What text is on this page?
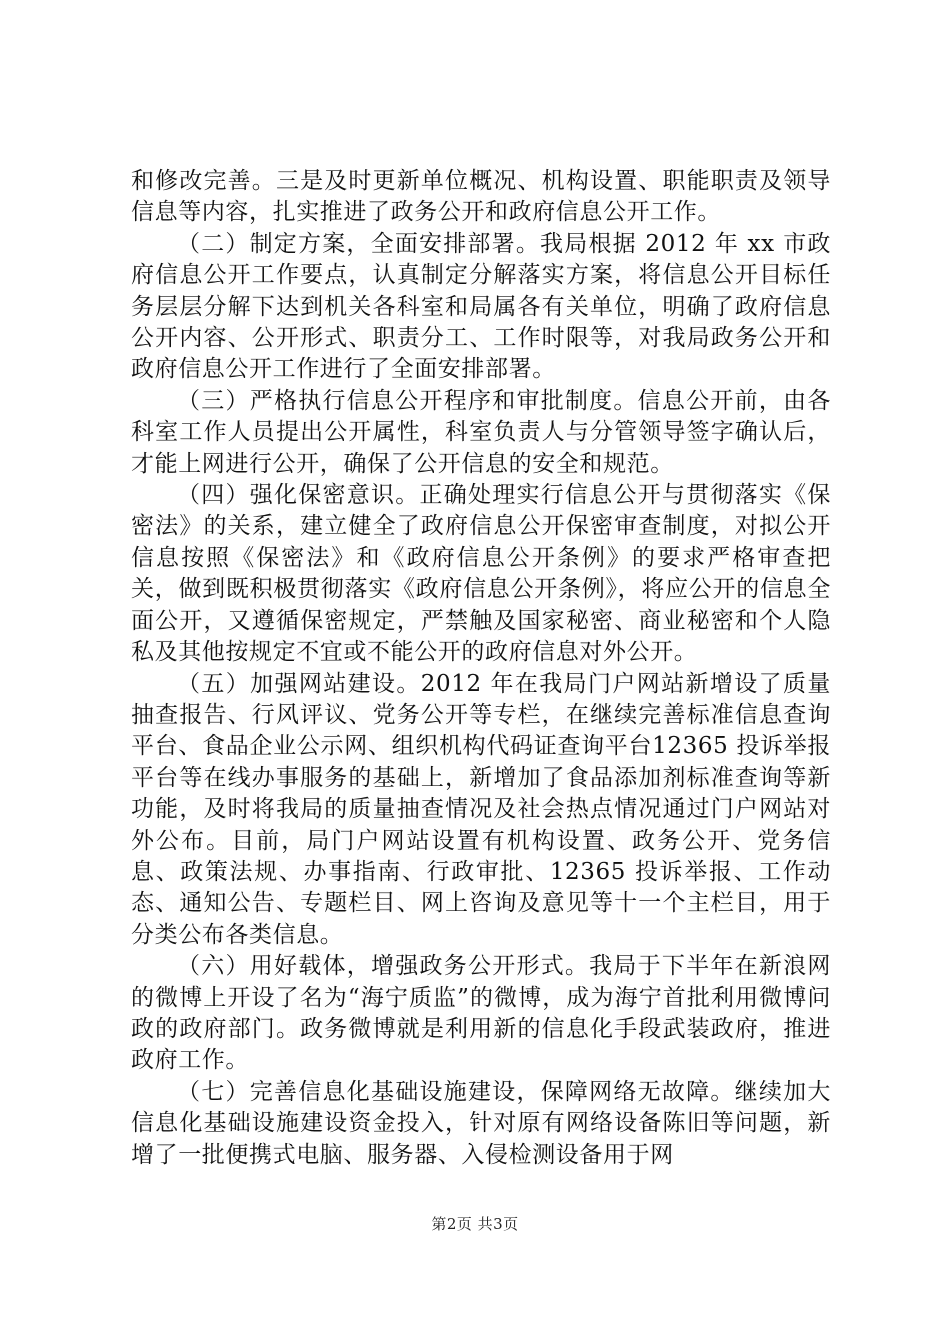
和修改完善。三是及时更新单位概况、机构设置、职能职责及领导信息等内容，扎实推进了政务公开和政府信息公开工作。

（二）制定方案，全面安排部署。我局根据 2012 年 xx 市政府信息公开工作要点，认真制定分解落实方案，将信息公开目标任务层层分解下达到机关各科室和局属各有关单位，明确了政府信息公开内容、公开形式、职责分工、工作时限等，对我局政务公开和政府信息公开工作进行了全面安排部署。

（三）严格执行信息公开程序和审批制度。信息公开前，由各科室工作人员提出公开属性，科室负责人与分管领导签字确认后，才能上网进行公开，确保了公开信息的安全和规范。

（四）强化保密意识。正确处理实行信息公开与贯彻落实《保密法》的关系，建立健全了政府信息公开保密审查制度，对拟公开信息按照《保密法》和《政府信息公开条例》的要求严格审查把关，做到既积极贯彻落实《政府信息公开条例》，将应公开的信息全面公开，又遵循保密规定，严禁触及国家秘密、商业秘密和个人隐私及其他按规定不宜或不能公开的政府信息对外公开。

（五）加强网站建设。2012 年在我局门户网站新增设了质量抽查报告、行风评议、党务公开等专栏，在继续完善标准信息查询平台、食品企业公示网、组织机构代码证查询平台12365 投诉举报平台等在线办事服务的基础上，新增加了食品添加剂标准查询等新功能，及时将我局的质量抽查情况及社会热点情况通过门户网站对外公布。目前，局门户网站设置有机构设置、政务公开、党务信息、政策法规、办事指南、行政审批、12365 投诉举报、工作动态、通知公告、专题栏目、网上咨询及意见等十一个主栏目，用于分类公布各类信息。

（六）用好载体，增强政务公开形式。我局于下半年在新浪网的微博上开设了名为“海宁质监”的微博，成为海宁首批利用微博问政的政府部门。政务微博就是利用新的信息化手段武装政府，推进政府工作。

（七）完善信息化基础设施建设，保障网络无故障。继续加大信息化基础设施建设资金投入，针对原有网络设备陈旧等问题，新增了一批便携式电脑、服务器、入侵检测设备用于网

第2页 共3页
